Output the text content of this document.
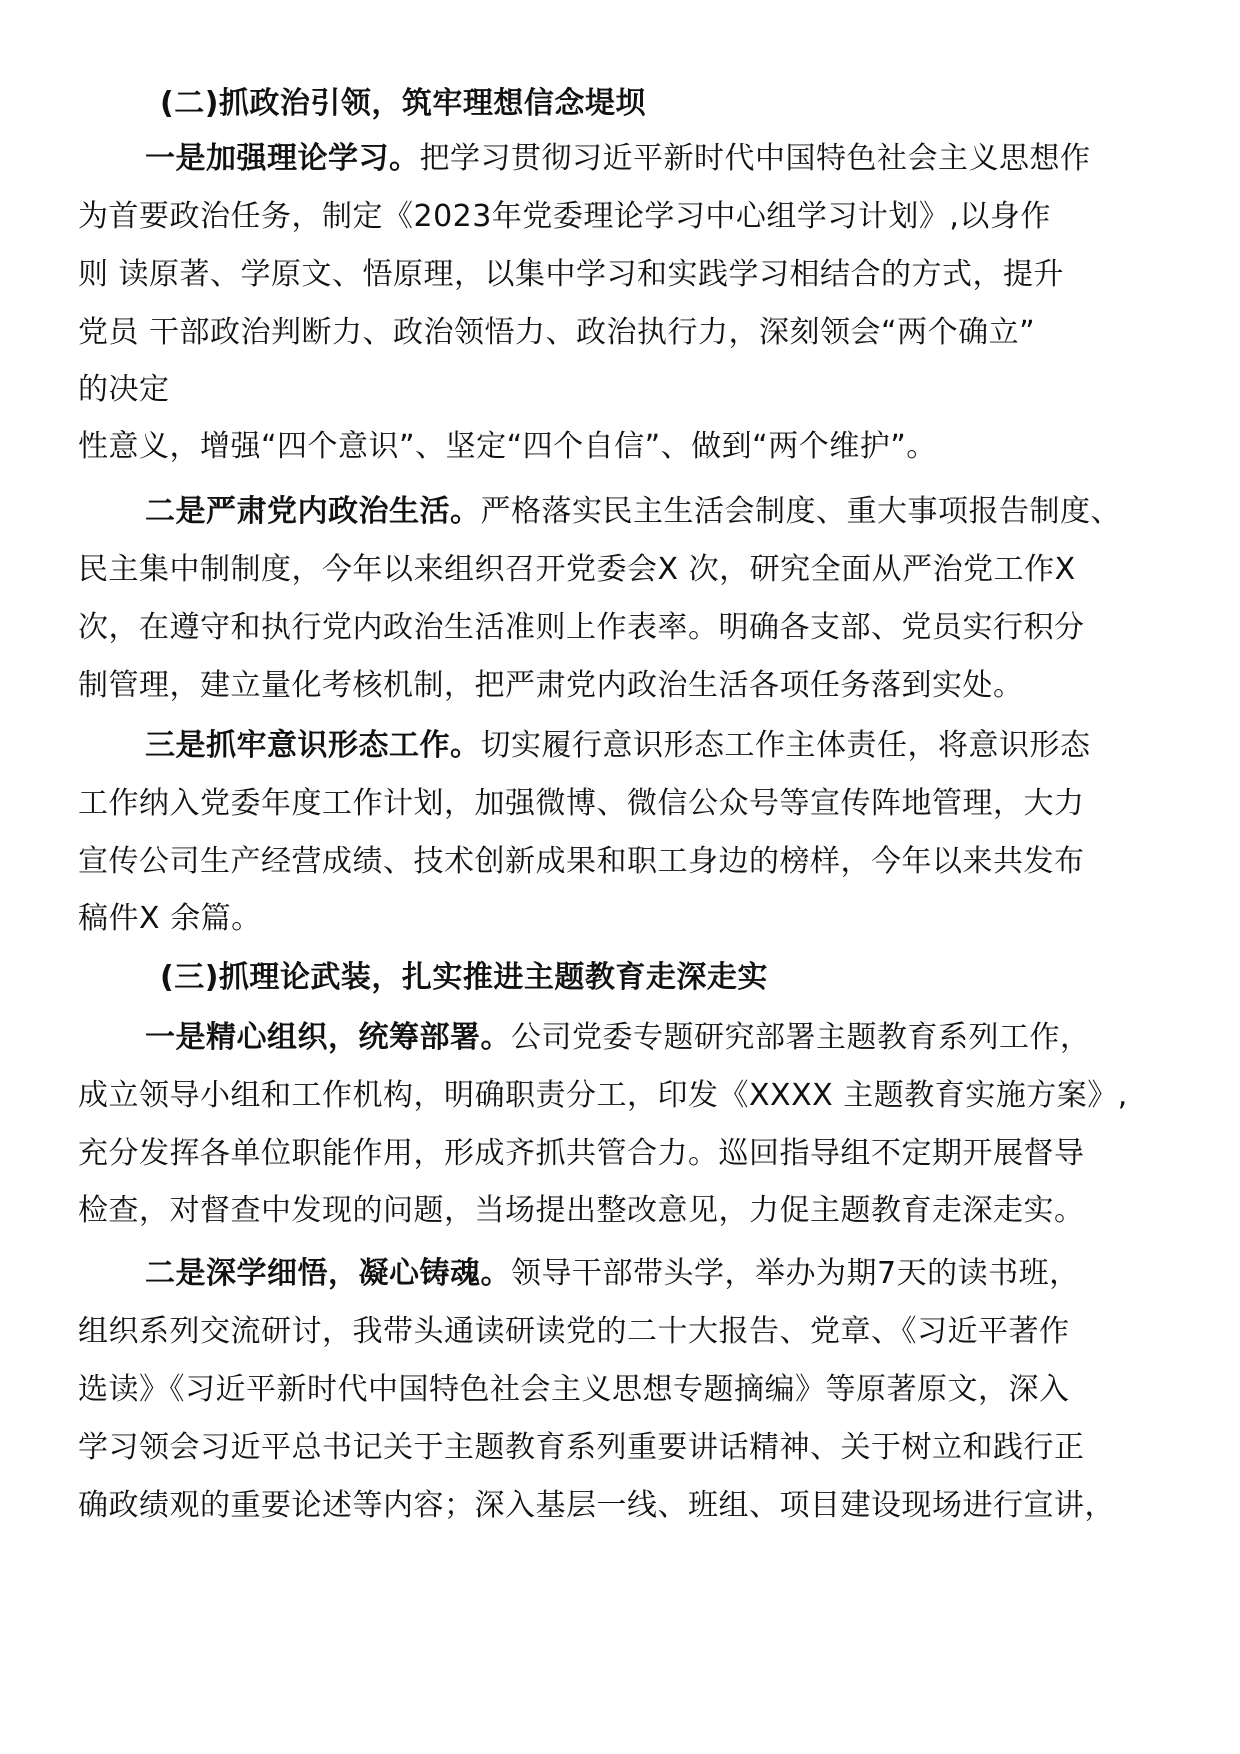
(二)抓政治引领，筑牢理想信念堤坝
一是加强理论学习。把学习贯彻习近平新时代中国特色社会主义思想作
为首要政治任务，制定《2023年党委理论学习中心组学习计划》,以身作
则 读原著、学原文、悟原理，以集中学习和实践学习相结合的方式，提升
党员 干部政治判断力、政治领悟力、政治执行力，深刻领会“两个确立”
的决定
性意义，增强“四个意识”、坚定“四个自信”、做到“两个维护”。
二是严肃党内政治生活。严格落实民主生活会制度、重大事项报告制度、
民主集中制制度，今年以来组织召开党委会X 次，研究全面从严治党工作X
次，在遵守和执行党内政治生活准则上作表率。明确各支部、党员实行积分
制管理，建立量化考核机制，把严肃党内政治生活各项任务落到实处。
三是抓牢意识形态工作。切实履行意识形态工作主体责任，将意识形态
工作纳入党委年度工作计划，加强微博、微信公众号等宣传阵地管理，大力
宣传公司生产经营成绩、技术创新成果和职工身边的榜样，今年以来共发布
稿件X 余篇。
(三)抓理论武装，扎实推进主题教育走深走实
一是精心组织，统筹部署。公司党委专题研究部署主题教育系列工作，
成立领导小组和工作机构，明确职责分工，印发《XXXX 主题教育实施方案》,
充分发挥各单位职能作用，形成齐抓共管合力。巡回指导组不定期开展督导
检查，对督查中发现的问题，当场提出整改意见，力促主题教育走深走实。
二是深学细悟，凝心铸魂。领导干部带头学，举办为期7天的读书班，
组织系列交流研讨，我带头通读研读党的二十大报告、党章、《习近平著作
选读》《习近平新时代中国特色社会主义思想专题摘编》等原著原文，深入
学习领会习近平总书记关于主题教育系列重要讲话精神、关于树立和践行正
确政绩观的重要论述等内容；深入基层一线、班组、项目建设现场进行宣讲，
